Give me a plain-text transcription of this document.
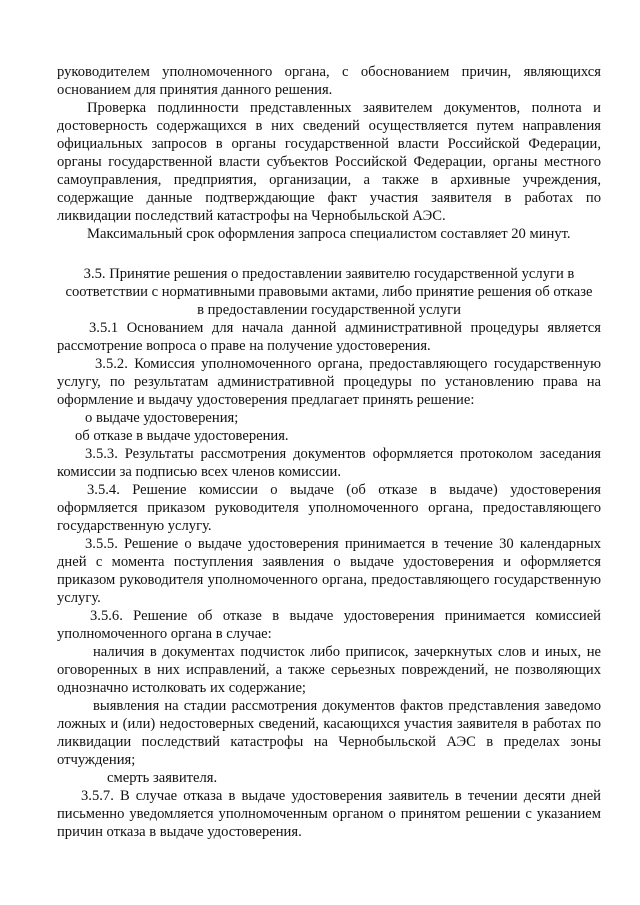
руководителем уполномоченного органа, с обоснованием причин, являющихся основанием для принятия данного решения.

Проверка подлинности представленных заявителем документов, полнота и достоверность содержащихся в них сведений осуществляется путем направления официальных запросов в органы государственной власти Российской Федерации, органы государственной власти субъектов Российской Федерации, органы местного самоуправления, предприятия, организации, а также в архивные учреждения, содержащие данные подтверждающие факт участия заявителя в работах по ликвидации последствий катастрофы на Чернобыльской АЭС.

Максимальный срок оформления запроса специалистом составляет 20 минут.

3.5. Принятие решения о предоставлении заявителю государственной услуги в
соответствии с нормативными правовыми актами, либо принятие решения об отказе
в предоставлении государственной услуги

3.5.1 Основанием для начала данной административной процедуры является рассмотрение вопроса о праве на получение удостоверения.

3.5.2. Комиссия уполномоченного органа, предоставляющего государственную услугу, по результатам административной процедуры по установлению права на оформление и выдачу удостоверения предлагает принять решение:

о выдаче удостоверения;

об отказе в выдаче удостоверения.

3.5.3. Результаты рассмотрения документов оформляется протоколом заседания комиссии за подписью всех членов комиссии.

3.5.4. Решение комиссии о выдаче (об отказе в выдаче) удостоверения оформляется приказом руководителя уполномоченного органа, предоставляющего государственную услугу.

3.5.5. Решение о выдаче удостоверения принимается в течение 30 календарных дней с момента поступления заявления о выдаче удостоверения и оформляется приказом руководителя уполномоченного органа, предоставляющего государственную услугу.

3.5.6. Решение об отказе в выдаче удостоверения принимается комиссией уполномоченного органа в случае:

наличия в документах подчисток либо приписок, зачеркнутых слов и иных, не оговоренных в них исправлений, а также серьезных повреждений, не позволяющих однозначно истолковать их содержание;

выявления на стадии рассмотрения документов фактов представления заведомо ложных и (или) недостоверных сведений, касающихся участия заявителя в работах по ликвидации последствий катастрофы на Чернобыльской АЭС в пределах зоны отчуждения;

смерть заявителя.

3.5.7. В случае отказа в выдаче удостоверения заявитель в течении десяти дней письменно уведомляется уполномоченным органом о принятом решении с указанием причин отказа в выдаче удостоверения.
